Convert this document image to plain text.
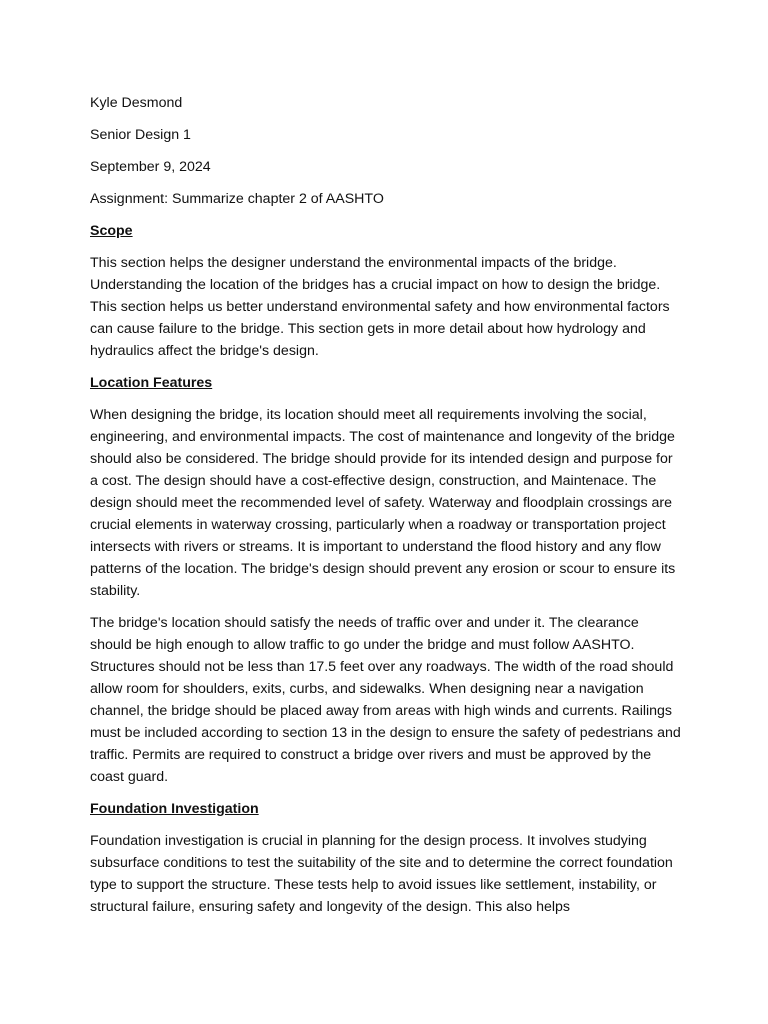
Kyle Desmond

Senior Design 1

September 9, 2024

Assignment: Summarize chapter 2 of AASHTO

Scope

This section helps the designer understand the environmental impacts of the bridge. Understanding the location of the bridges has a crucial impact on how to design the bridge. This section helps us better understand environmental safety and how environmental factors can cause failure to the bridge. This section gets in more detail about how hydrology and hydraulics affect the bridge's design.

Location Features

When designing the bridge, its location should meet all requirements involving the social, engineering, and environmental impacts. The cost of maintenance and longevity of the bridge should also be considered. The bridge should provide for its intended design and purpose for a cost. The design should have a cost-effective design, construction, and Maintenace. The design should meet the recommended level of safety. Waterway and floodplain crossings are crucial elements in waterway crossing, particularly when a roadway or transportation project intersects with rivers or streams. It is important to understand the flood history and any flow patterns of the location. The bridge's design should prevent any erosion or scour to ensure its stability.

The bridge's location should satisfy the needs of traffic over and under it. The clearance should be high enough to allow traffic to go under the bridge and must follow AASHTO. Structures should not be less than 17.5 feet over any roadways. The width of the road should allow room for shoulders, exits, curbs, and sidewalks. When designing near a navigation channel, the bridge should be placed away from areas with high winds and currents. Railings must be included according to section 13 in the design to ensure the safety of pedestrians and traffic. Permits are required to construct a bridge over rivers and must be approved by the coast guard.

Foundation Investigation

Foundation investigation is crucial in planning for the design process. It involves studying subsurface conditions to test the suitability of the site and to determine the correct foundation type to support the structure. These tests help to avoid issues like settlement, instability, or structural failure, ensuring safety and longevity of the design. This also helps
